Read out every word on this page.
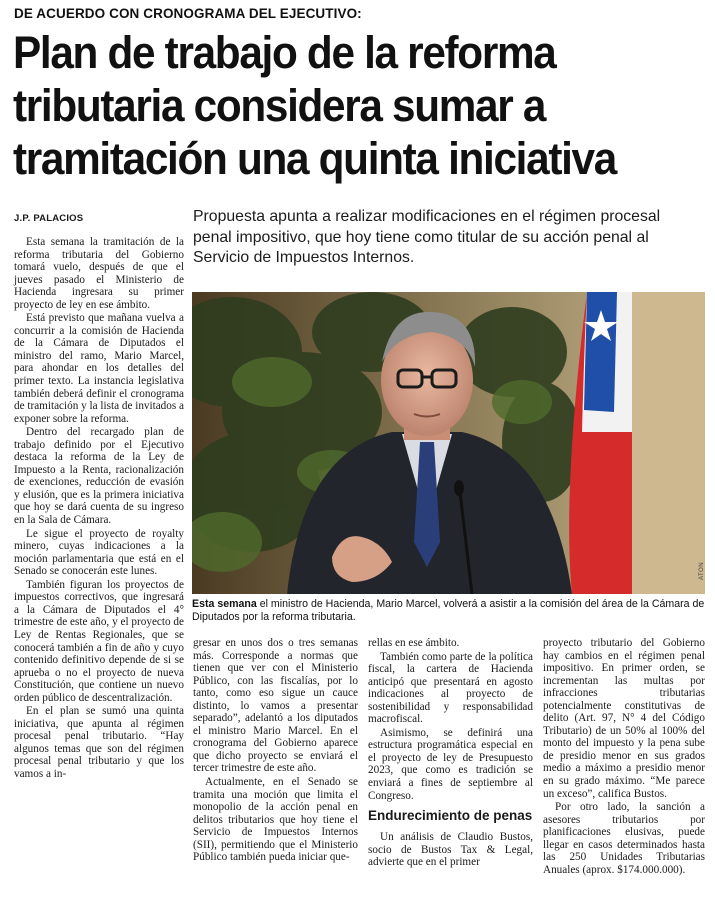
DE ACUERDO CON CRONOGRAMA DEL EJECUTIVO:
Plan de trabajo de la reforma
tributaria considera sumar a
tramitación una quinta iniciativa
J.P. PALACIOS	Propuesta apunta a realizar modificaciones en el régimen procesal penal impositivo, que hoy tiene como titular de su acción penal al Servicio de Impuestos Internos.

Esta semana la tramitación de la reforma tributaria del Gobierno tomará vuelo, después de que el jueves pasado el Ministerio de Hacienda ingresara su primer proyecto de ley en ese ámbito.

Está previsto que mañana vuelva a concurrir a la comisión de Hacienda de la Cámara de Diputados el ministro del ramo, Mario Marcel, para ahondar en los detalles del primer texto. La instancia legislativa también deberá definir el cronograma de tramitación y la lista de invitados a exponer sobre la reforma.

Dentro del recargado plan de trabajo definido por el Ejecutivo destaca la reforma de la Ley de Impuesto a la Renta, racionalización de exenciones, reducción de evasión y elusión, que es la primera iniciativa que hoy se dará cuenta de su ingreso en la Sala de Cámara.

Le sigue el proyecto de royalty minero, cuyas indicaciones a la moción parlamentaria que está en el Senado se conocerán este lunes.

También figuran los proyectos de impuestos correctivos, que ingresará a la Cámara de Diputados el 4° trimestre de este año, y el proyecto de Ley de Rentas Regionales, que se conocerá también a fin de año y cuyo contenido definitivo depende de si se aprueba o no el proyecto de nueva Constitución, que contiene un nuevo orden público de descentralización.

En el plan se sumó una quinta iniciativa, que apunta al régimen procesal penal tributario. “Hay algunos temas que son del régimen procesal penal tributario y que los vamos a in-

ATON
Esta semana el ministro de Hacienda, Mario Marcel, volverá a asistir a la comisión del área de la Cámara de Diputados por la reforma tributaria.

gresar en unos dos o tres semanas más. Corresponde a normas que tienen que ver con el Ministerio Público, con las fiscalías, por lo tanto, como eso sigue un cauce distinto, lo vamos a presentar separado”, adelantó a los diputados el ministro Mario Marcel. En el cronograma del Gobierno aparece que dicho proyecto se enviará el tercer trimestre de este año.

Actualmente, en el Senado se tramita una moción que limita el monopolio de la acción penal en delitos tributarios que hoy tiene el Servicio de Impuestos Internos (SII), permitiendo que el Ministerio Público también pueda iniciar que-

rellas en ese ámbito.

También como parte de la política fiscal, la cartera de Hacienda anticipó que presentará en agosto indicaciones al proyecto de sostenibilidad y responsabilidad macrofiscal.

Asimismo, se definirá una estructura programática especial en el proyecto de ley de Presupuesto 2023, que como es tradición se enviará a fines de septiembre al Congreso.

Endurecimiento de penas

Un análisis de Claudio Bustos, socio de Bustos Tax & Legal, advierte que en el primer

proyecto tributario del Gobierno hay cambios en el régimen penal impositivo. En primer orden, se incrementan las multas por infracciones tributarias potencialmente constitutivas de delito (Art. 97, N° 4 del Código Tributario) de un 50% al 100% del monto del impuesto y la pena sube de presidio menor en sus grados medio a máximo a presidio menor en su grado máximo. “Me parece un exceso”, califica Bustos.

Por otro lado, la sanción a asesores tributarios por planificaciones elusivas, puede llegar en casos determinados hasta las 250 Unidades Tributarias Anuales (aprox. $174.000.000).
